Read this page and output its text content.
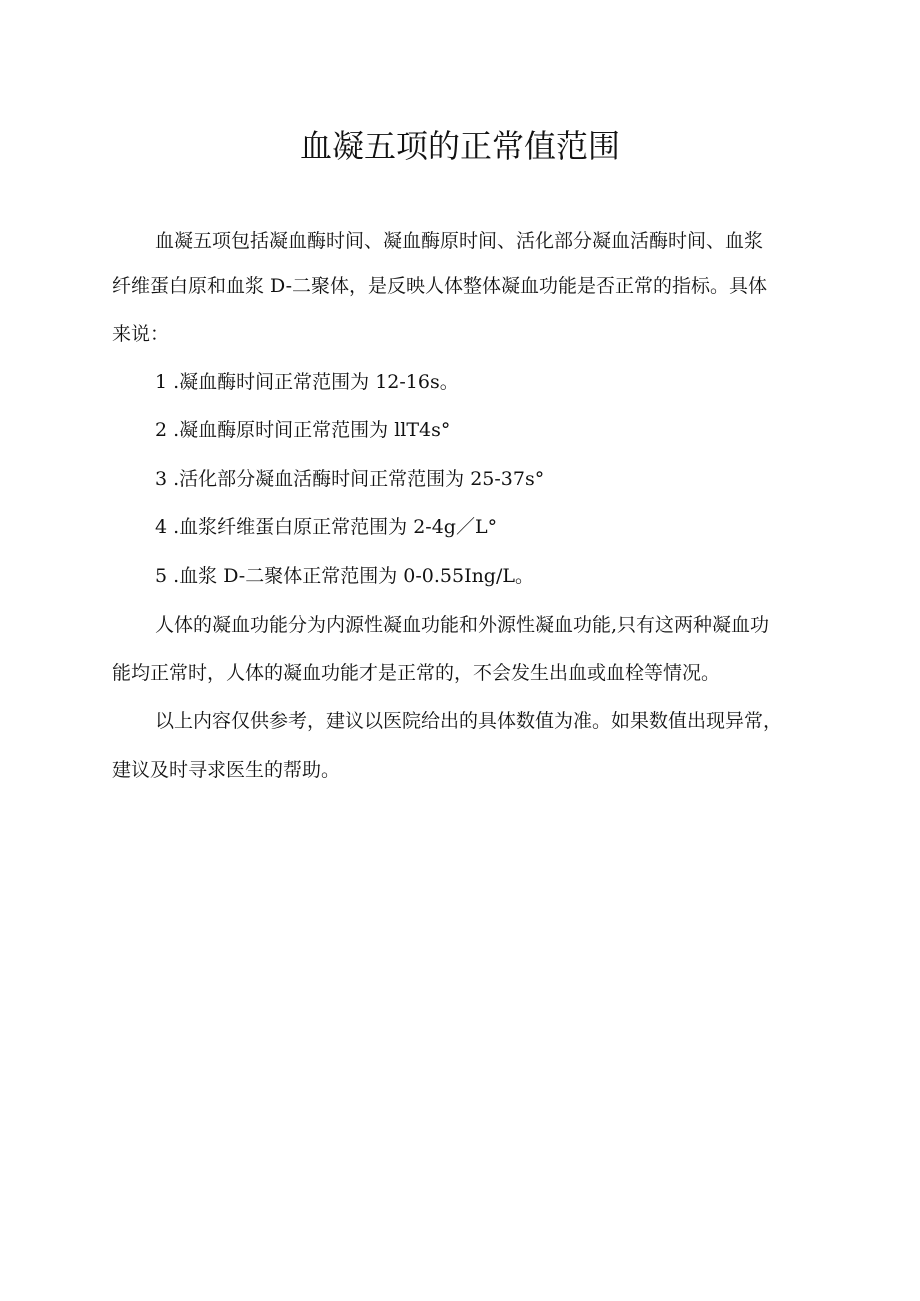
血凝五项的正常值范围
血凝五项包括凝血酶时间、凝血酶原时间、活化部分凝血活酶时间、血浆
纤维蛋白原和血浆 D-二聚体，是反映人体整体凝血功能是否正常的指标。具体
来说：
1 .凝血酶时间正常范围为 12-16s。
2 .凝血酶原时间正常范围为 llT4s°
3 .活化部分凝血活酶时间正常范围为 25-37s°
4 .血浆纤维蛋白原正常范围为 2-4g／L°
5 .血浆 D-二聚体正常范围为 0-0.55Ing/L。
人体的凝血功能分为内源性凝血功能和外源性凝血功能,只有这两种凝血功
能均正常时，人体的凝血功能才是正常的，不会发生出血或血栓等情况。
以上内容仅供参考，建议以医院给出的具体数值为准。如果数值出现异常，
建议及时寻求医生的帮助。
